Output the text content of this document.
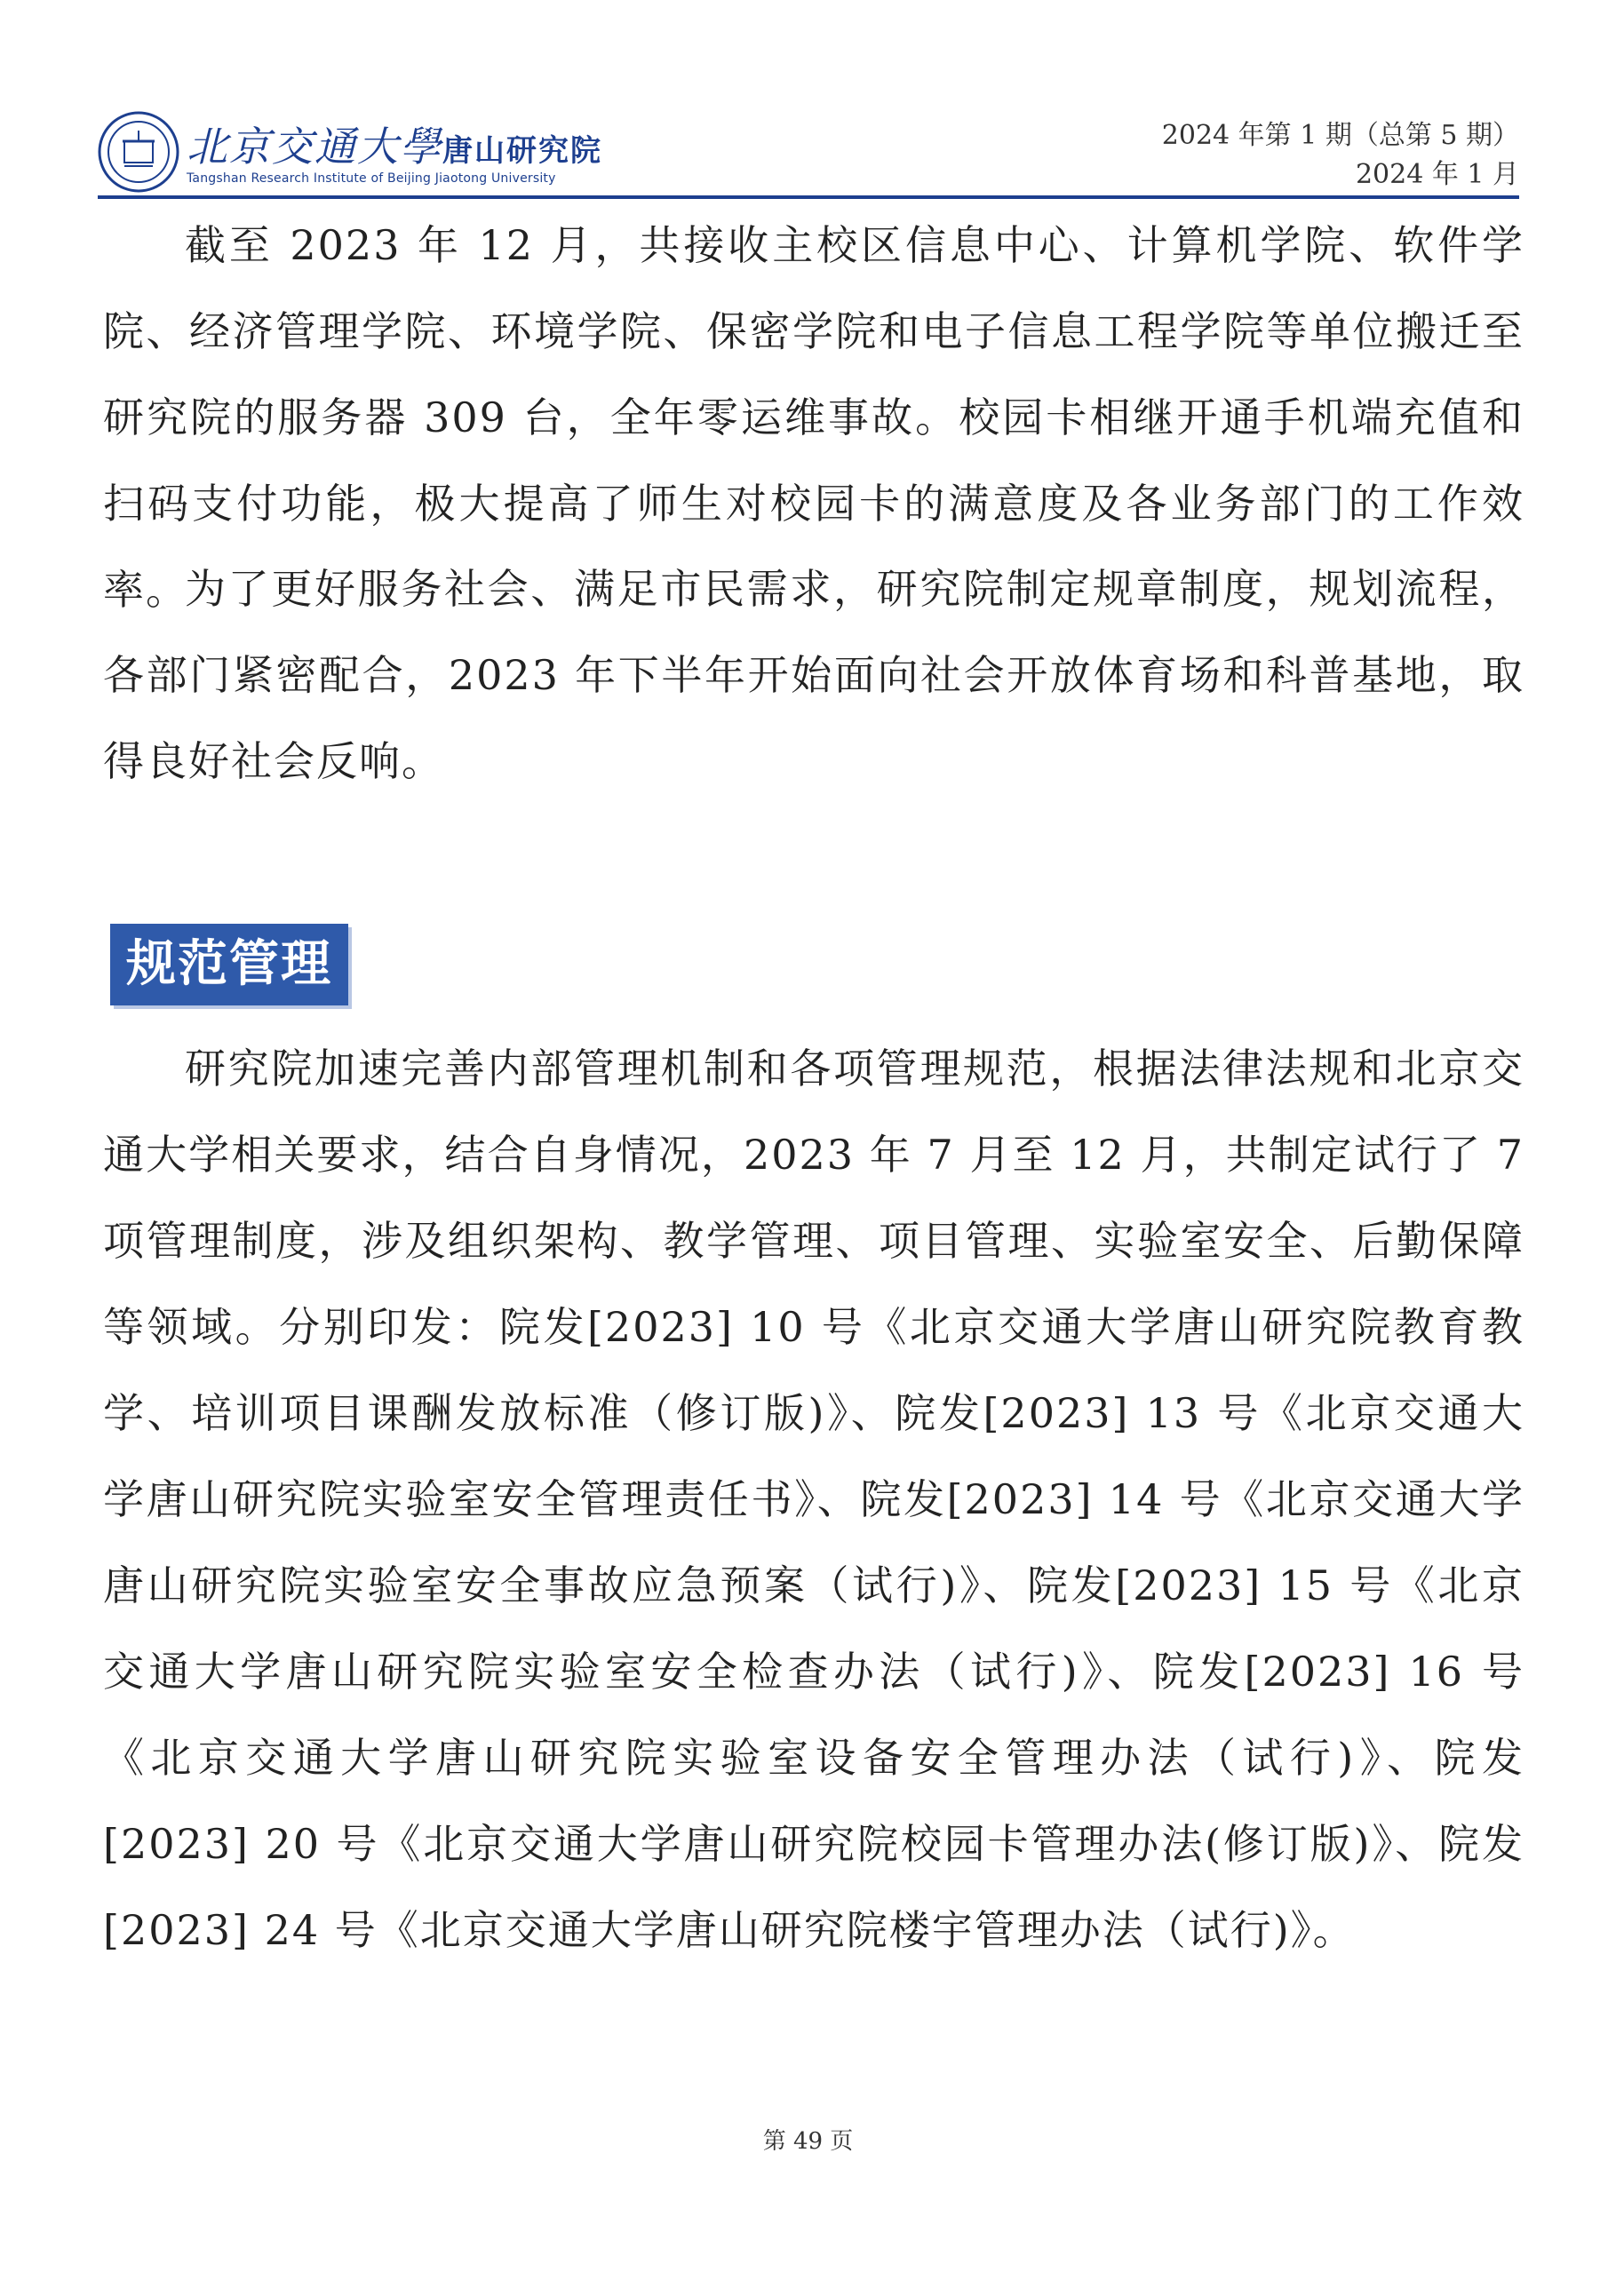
北京交通大學唐山研究院
Tangshan Research Institute of Beijing Jiaotong University
2024 年第 1 期（总第 5 期）
2024 年 1 月

截至 2023 年 12 月，共接收主校区信息中心、计算机学院、软件学院、经济管理学院、环境学院、保密学院和电子信息工程学院等单位搬迁至研究院的服务器 309 台，全年零运维事故。校园卡相继开通手机端充值和扫码支付功能，极大提高了师生对校园卡的满意度及各业务部门的工作效率。

为了更好服务社会、满足市民需求，研究院制定规章制度，规划流程，各部门紧密配合，2023 年下半年开始面向社会开放体育场和科普基地，取得良好社会反响。

规范管理

研究院加速完善内部管理机制和各项管理规范，根据法律法规和北京交通大学相关要求，结合自身情况，2023 年 7 月至 12 月，共制定试行了 7 项管理制度，涉及组织架构、教学管理、项目管理、实验室安全、后勤保障等领域。分别印发：院发[2023] 10 号《北京交通大学唐山研究院教育教学、培训项目课酬发放标准（修订版)》、院发[2023] 13 号《北京交通大学唐山研究院实验室安全管理责任书》、院发[2023] 14 号《北京交通大学唐山研究院实验室安全事故应急预案（试行)》、院发[2023] 15 号《北京交通大学唐山研究院实验室安全检查办法（试行)》、院发[2023] 16 号《北京交通大学唐山研究院实验室设备安全管理办法（试行)》、院发[2023] 20 号《北京交通大学唐山研究院校园卡管理办法(修订版)》、院发[2023] 24 号《北京交通大学唐山研究院楼宇管理办法（试行)》。

第 49 页
